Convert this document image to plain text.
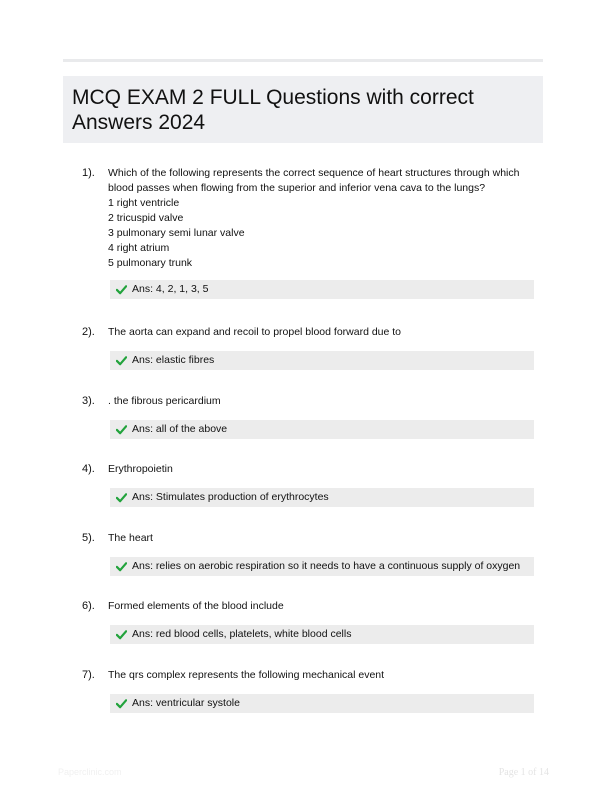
MCQ EXAM 2 FULL Questions with correct Answers 2024
1). Which of the following represents the correct sequence of heart structures through which blood passes when flowing from the superior and inferior vena cava to the lungs?
1 right ventricle
2 tricuspid valve
3 pulmonary semi lunar valve
4 right atrium
5 pulmonary trunk
Ans: 4, 2, 1, 3, 5
2). The aorta can expand and recoil to propel blood forward due to
Ans: elastic fibres
3). . the fibrous pericardium
Ans: all of the above
4). Erythropoietin
Ans: Stimulates production of erythrocytes
5). The heart
Ans: relies on aerobic respiration so it needs to have a continuous supply of oxygen
6). Formed elements of the blood include
Ans: red blood cells, platelets, white blood cells
7). The qrs complex represents the following mechanical event
Ans: ventricular systole
Paperclinic.com	Page 1 of 14
